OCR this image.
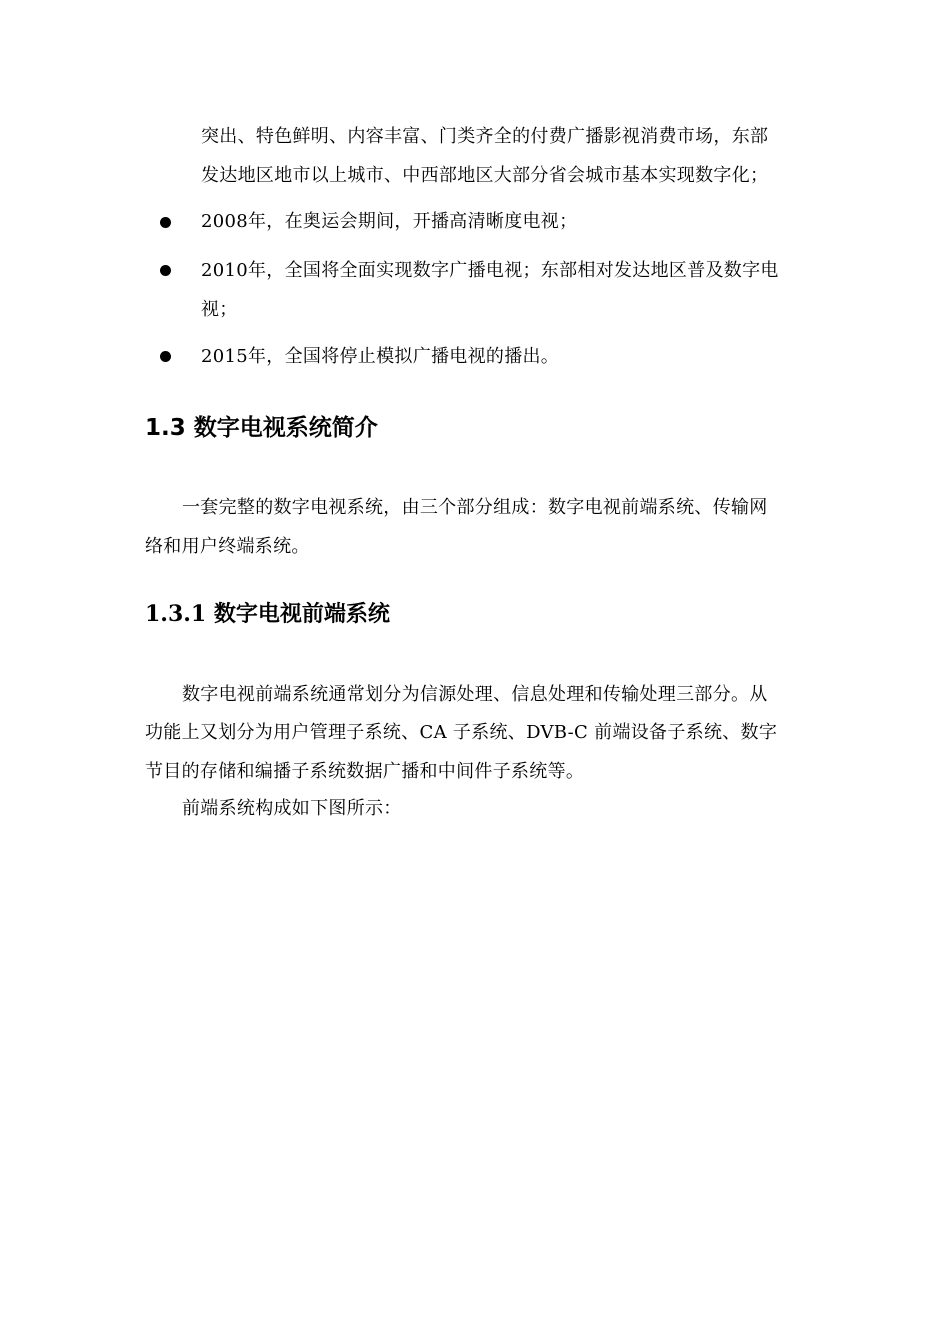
突出、特色鲜明、内容丰富、门类齐全的付费广播影视消费市场，东部
发达地区地市以上城市、中西部地区大部分省会城市基本实现数字化；
2008年，在奥运会期间，开播高清晰度电视；
2010年，全国将全面实现数字广播电视；东部相对发达地区普及数字电
视；
2015年，全国将停止模拟广播电视的播出。
1.3 数字电视系统简介
一套完整的数字电视系统，由三个部分组成：数字电视前端系统、传输网
络和用户终端系统。
1.3.1 数字电视前端系统
数字电视前端系统通常划分为信源处理、信息处理和传输处理三部分。从
功能上又划分为用户管理子系统、CA 子系统、DVB-C 前端设备子系统、数字
节目的存储和编播子系统数据广播和中间件子系统等。
前端系统构成如下图所示：
